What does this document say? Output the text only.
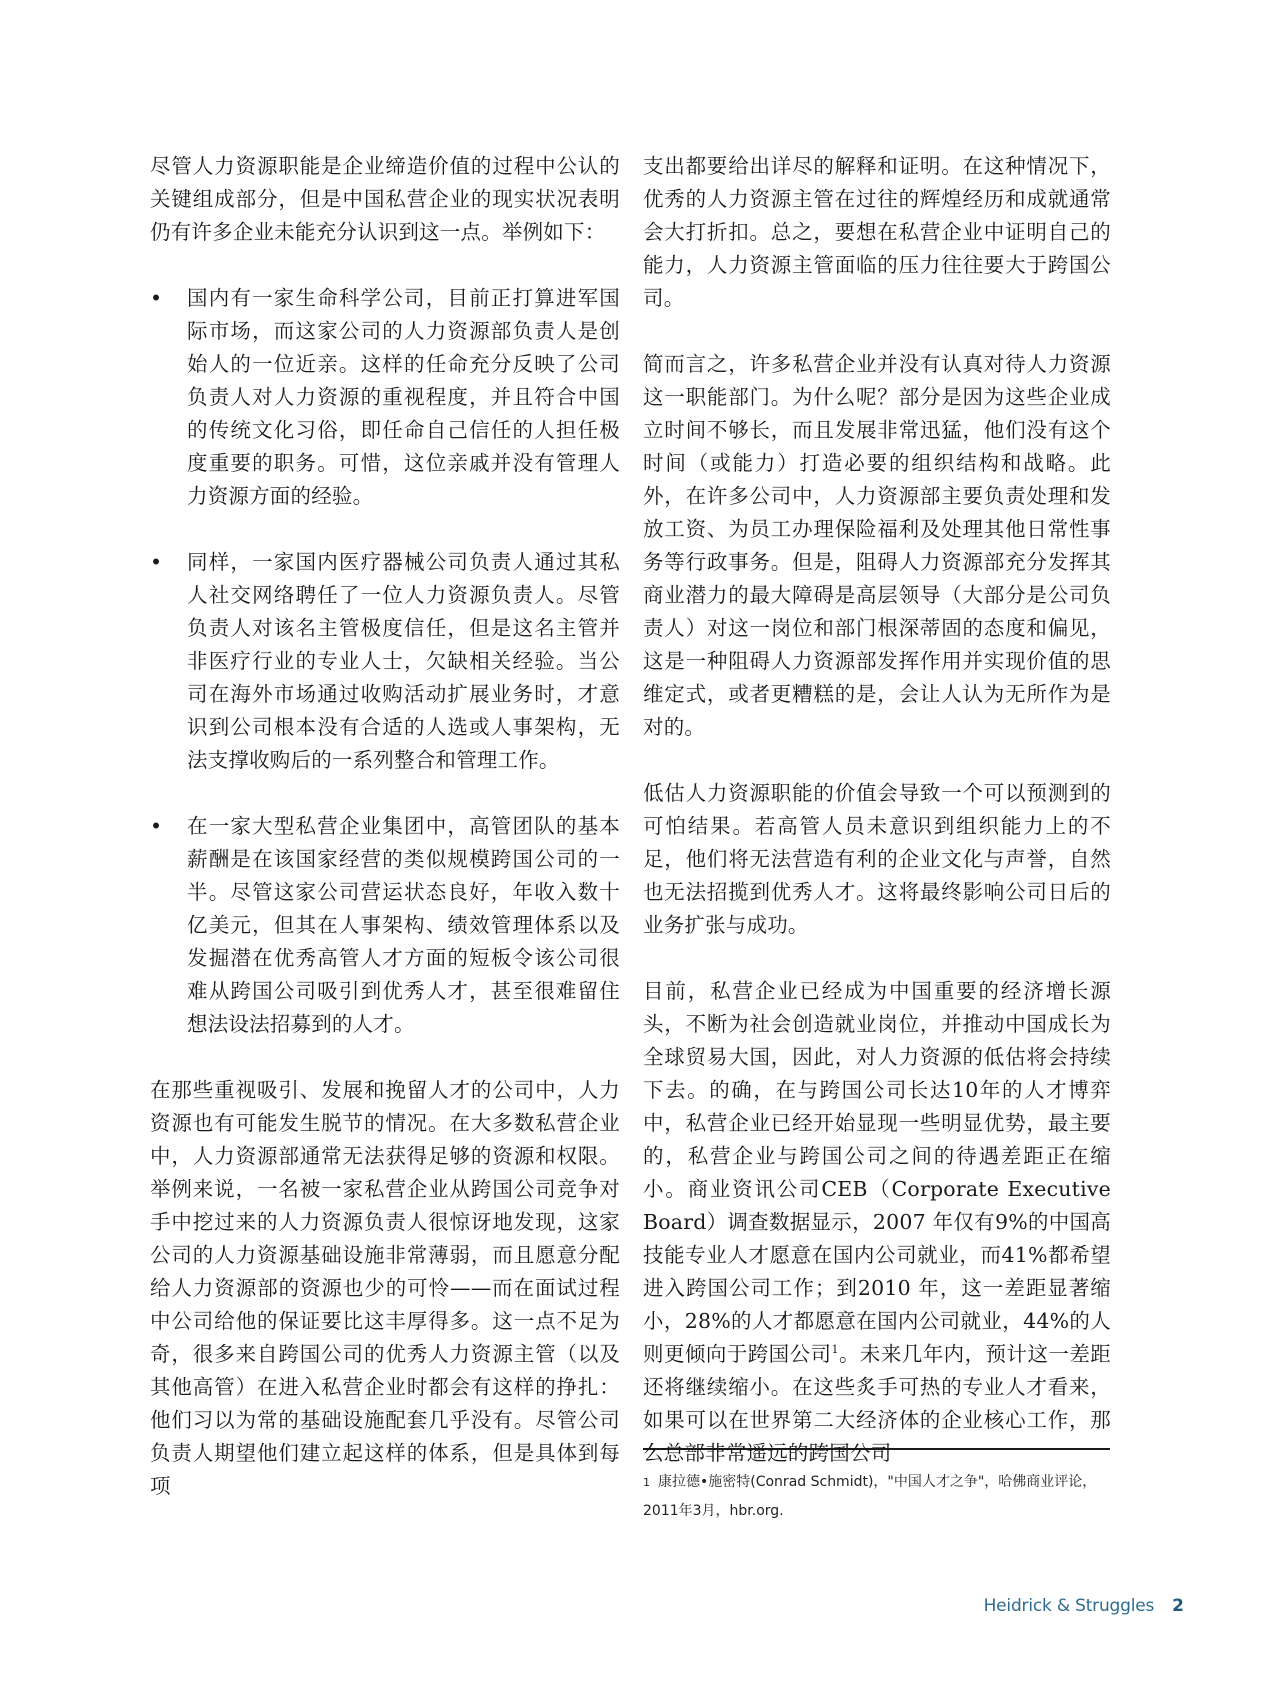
尽管人力资源职能是企业缔造价值的过程中公认的关键组成部分，但是中国私营企业的现实状况表明仍有许多企业未能充分认识到这一点。举例如下：

•	国内有一家生命科学公司，目前正打算进军国际市场，而这家公司的人力资源部负责人是创始人的一位近亲。这样的任命充分反映了公司负责人对人力资源的重视程度，并且符合中国的传统文化习俗，即任命自己信任的人担任极度重要的职务。可惜，这位亲戚并没有管理人力资源方面的经验。
•	同样，一家国内医疗器械公司负责人通过其私人社交网络聘任了一位人力资源负责人。尽管负责人对该名主管极度信任，但是这名主管并非医疗行业的专业人士，欠缺相关经验。当公司在海外市场通过收购活动扩展业务时，才意识到公司根本没有合适的人选或人事架构，无法支撑收购后的一系列整合和管理工作。
•	在一家大型私营企业集团中，高管团队的基本薪酬是在该国家经营的类似规模跨国公司的一半。尽管这家公司营运状态良好，年收入数十亿美元，但其在人事架构、绩效管理体系以及发掘潜在优秀高管人才方面的短板令该公司很难从跨国公司吸引到优秀人才，甚至很难留住想法设法招募到的人才。

在那些重视吸引、发展和挽留人才的公司中，人力资源也有可能发生脱节的情况。在大多数私营企业中，人力资源部通常无法获得足够的资源和权限。举例来说，一名被一家私营企业从跨国公司竞争对手中挖过来的人力资源负责人很惊讶地发现，这家公司的人力资源基础设施非常薄弱，而且愿意分配给人力资源部的资源也少的可怜——而在面试过程中公司给他的保证要比这丰厚得多。这一点不足为奇，很多来自跨国公司的优秀人力资源主管（以及其他高管）在进入私营企业时都会有这样的挣扎：他们习以为常的基础设施配套几乎没有。尽管公司负责人期望他们建立起这样的体系，但是具体到每项

支出都要给出详尽的解释和证明。在这种情况下，优秀的人力资源主管在过往的辉煌经历和成就通常会大打折扣。总之，要想在私营企业中证明自己的能力，人力资源主管面临的压力往往要大于跨国公司。

简而言之，许多私营企业并没有认真对待人力资源这一职能部门。为什么呢？部分是因为这些企业成立时间不够长，而且发展非常迅猛，他们没有这个时间（或能力）打造必要的组织结构和战略。此外，在许多公司中，人力资源部主要负责处理和发放工资、为员工办理保险福利及处理其他日常性事务等行政事务。但是，阻碍人力资源部充分发挥其商业潜力的最大障碍是高层领导（大部分是公司负责人）对这一岗位和部门根深蒂固的态度和偏见，这是一种阻碍人力资源部发挥作用并实现价值的思维定式，或者更糟糕的是，会让人认为无所作为是对的。

低估人力资源职能的价值会导致一个可以预测到的可怕结果。若高管人员未意识到组织能力上的不足，他们将无法营造有利的企业文化与声誉，自然也无法招揽到优秀人才。这将最终影响公司日后的业务扩张与成功。

目前，私营企业已经成为中国重要的经济增长源头，不断为社会创造就业岗位，并推动中国成长为全球贸易大国，因此，对人力资源的低估将会持续下去。的确，在与跨国公司长达10年的人才博弈中，私营企业已经开始显现一些明显优势，最主要的，私营企业与跨国公司之间的待遇差距正在缩小。商业资讯公司CEB（Corporate Executive Board）调查数据显示，2007 年仅有9%的中国高技能专业人才愿意在国内公司就业，而41%都希望进入跨国公司工作；到2010 年，这一差距显著缩小，28%的人才都愿意在国内公司就业，44%的人则更倾向于跨国公司$^1$。未来几年内，预计这一差距还将继续缩小。在这些炙手可热的专业人才看来，如果可以在世界第二大经济体的企业核心工作，那么总部非常遥远的跨国公司

1 康拉德•施密特(Conrad Schmidt)，"中国人才之争"，哈佛商业评论，2011年3月，hbr.org.
Heidrick & Struggles 2
